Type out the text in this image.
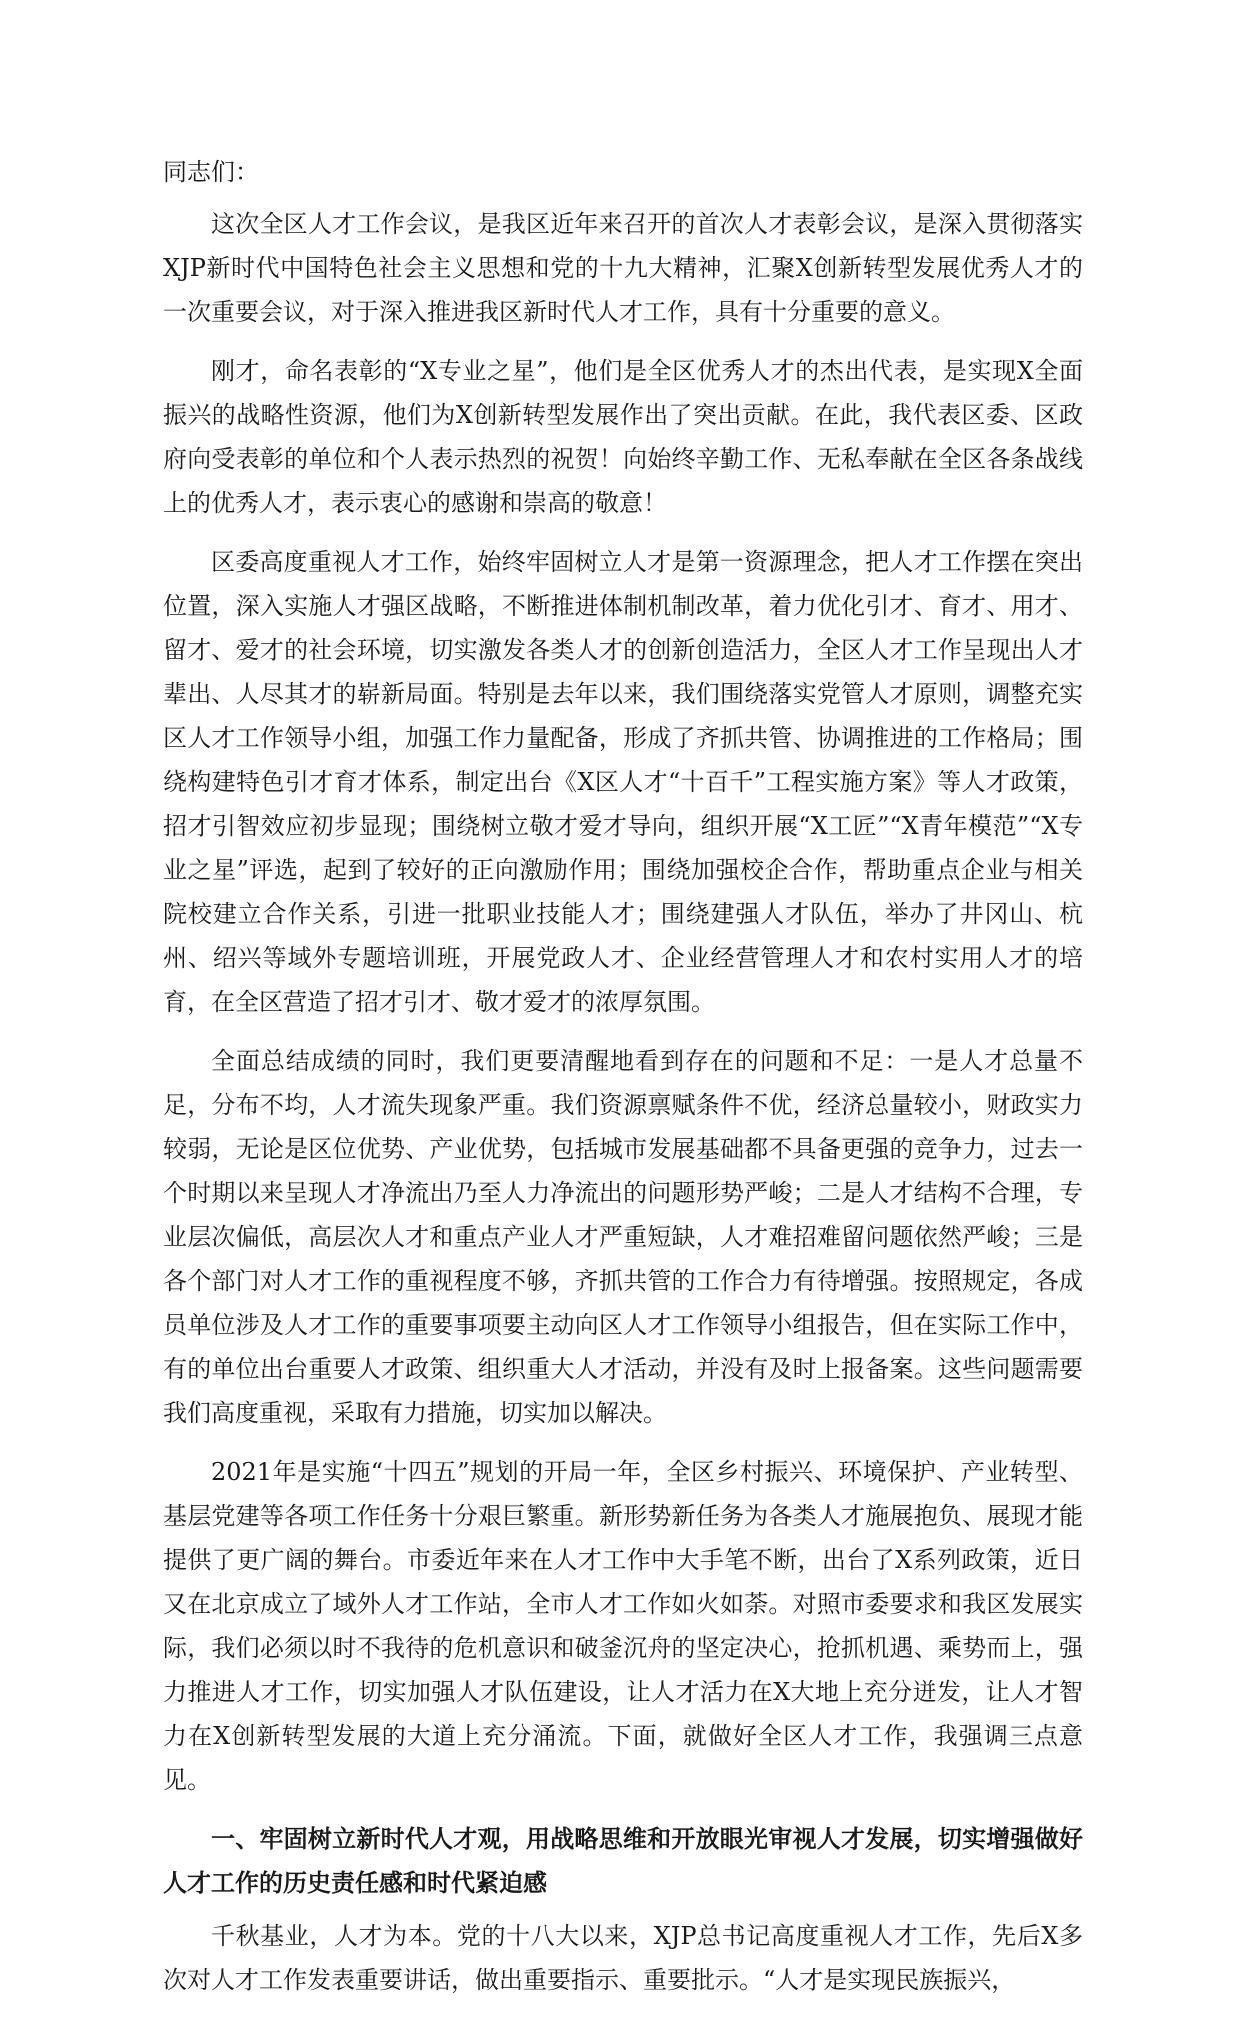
同志们：

这次全区人才工作会议，是我区近年来召开的首次人才表彰会议，是深入贯彻落实XJP新时代中国特色社会主义思想和党的十九大精神，汇聚X创新转型发展优秀人才的一次重要会议，对于深入推进我区新时代人才工作，具有十分重要的意义。

刚才，命名表彰的“X专业之星”，他们是全区优秀人才的杰出代表，是实现X全面振兴的战略性资源，他们为X创新转型发展作出了突出贡献。在此，我代表区委、区政府向受表彰的单位和个人表示热烈的祝贺！向始终辛勤工作、无私奉献在全区各条战线上的优秀人才，表示衷心的感谢和崇高的敬意！

区委高度重视人才工作，始终牢固树立人才是第一资源理念，把人才工作摆在突出位置，深入实施人才强区战略，不断推进体制机制改革，着力优化引才、育才、用才、留才、爱才的社会环境，切实激发各类人才的创新创造活力，全区人才工作呈现出人才辈出、人尽其才的崭新局面。特别是去年以来，我们围绕落实党管人才原则，调整充实区人才工作领导小组，加强工作力量配备，形成了齐抓共管、协调推进的工作格局；围绕构建特色引才育才体系，制定出台《X区人才“十百千”工程实施方案》等人才政策，招才引智效应初步显现；围绕树立敬才爱才导向，组织开展“X工匠”“X青年模范”“X专业之星”评选，起到了较好的正向激励作用；围绕加强校企合作，帮助重点企业与相关院校建立合作关系，引进一批职业技能人才；围绕建强人才队伍，举办了井冈山、杭州、绍兴等域外专题培训班，开展党政人才、企业经营管理人才和农村实用人才的培育，在全区营造了招才引才、敬才爱才的浓厚氛围。

全面总结成绩的同时，我们更要清醒地看到存在的问题和不足：一是人才总量不足，分布不均，人才流失现象严重。我们资源禀赋条件不优，经济总量较小，财政实力较弱，无论是区位优势、产业优势，包括城市发展基础都不具备更强的竞争力，过去一个时期以来呈现人才净流出乃至人力净流出的问题形势严峻；二是人才结构不合理，专业层次偏低，高层次人才和重点产业人才严重短缺，人才难招难留问题依然严峻；三是各个部门对人才工作的重视程度不够，齐抓共管的工作合力有待增强。按照规定，各成员单位涉及人才工作的重要事项要主动向区人才工作领导小组报告，但在实际工作中，有的单位出台重要人才政策、组织重大人才活动，并没有及时上报备案。这些问题需要我们高度重视，采取有力措施，切实加以解决。

2021年是实施“十四五”规划的开局一年，全区乡村振兴、环境保护、产业转型、基层党建等各项工作任务十分艰巨繁重。新形势新任务为各类人才施展抱负、展现才能提供了更广阔的舞台。市委近年来在人才工作中大手笔不断，出台了X系列政策，近日又在北京成立了域外人才工作站，全市人才工作如火如荼。对照市委要求和我区发展实际，我们必须以时不我待的危机意识和破釜沉舟的坚定决心，抢抓机遇、乘势而上，强力推进人才工作，切实加强人才队伍建设，让人才活力在X大地上充分迸发，让人才智力在X创新转型发展的大道上充分涌流。下面，就做好全区人才工作，我强调三点意见。

一、牢固树立新时代人才观，用战略思维和开放眼光审视人才发展，切实增强做好人才工作的历史责任感和时代紧迫感

千秋基业，人才为本。党的十八大以来，XJP总书记高度重视人才工作，先后X多次对人才工作发表重要讲话，做出重要指示、重要批示。“人才是实现民族振兴，
